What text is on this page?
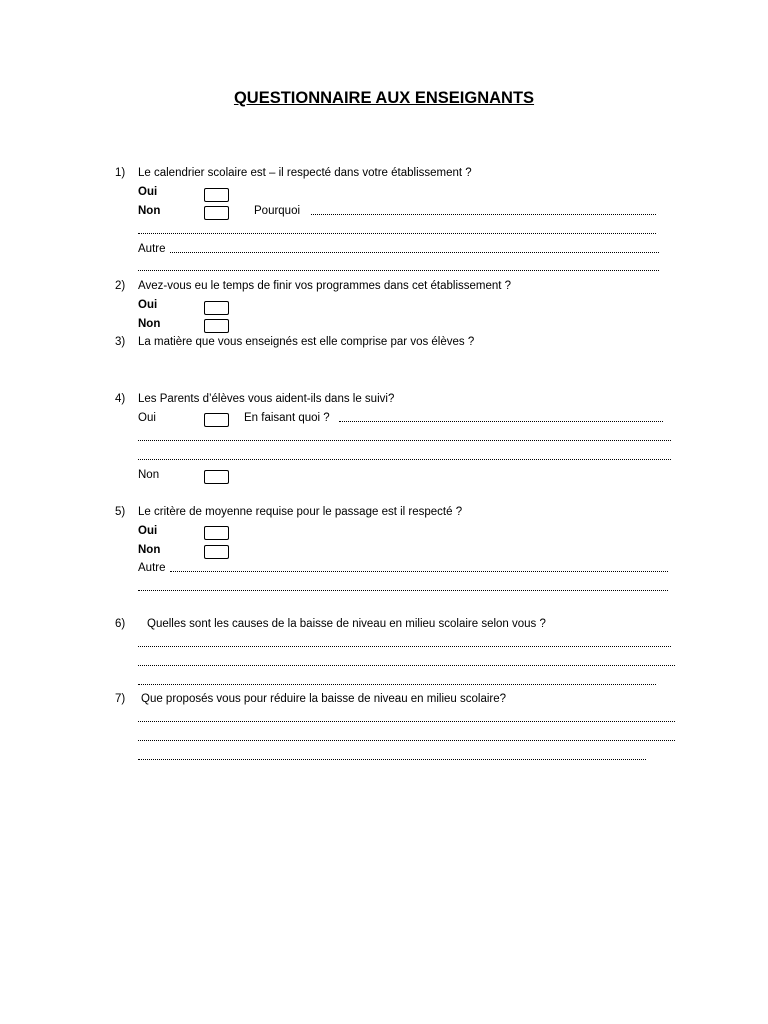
QUESTIONNAIRE AUX ENSEIGNANTS
1) Le calendrier scolaire est – il respecté dans votre établissement ?
Oui
Non	Pourquoi
Autre
2) Avez-vous eu le temps de finir vos programmes dans cet établissement ?
Oui
Non
3) La matière que vous enseignés est elle comprise par vos élèves ?
4) Les Parents d’élèves vous aident-ils dans le suivi?
Oui	En faisant quoi ?
Non
5) Le critère de moyenne requise pour le passage est il respecté ?
Oui
Non
Autre
6) Quelles sont les causes de la baisse de niveau en milieu scolaire selon vous ?
7) Que proposés vous pour réduire la baisse de niveau en milieu scolaire?
